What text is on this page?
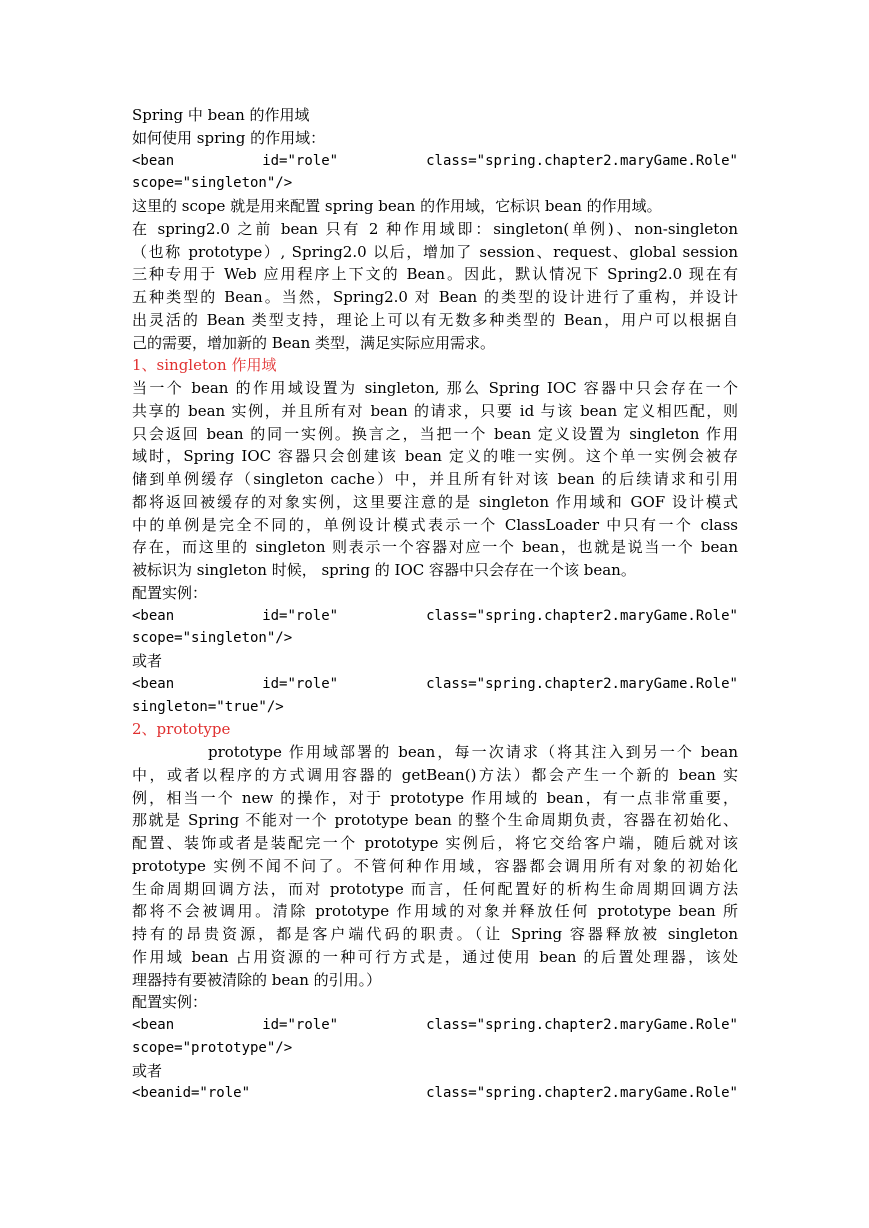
Spring 中 bean 的作用域
如何使用 spring 的作用域：
<bean	id="role"	class="spring.chapter2.maryGame.Role"
scope="singleton"/>
这里的 scope 就是用来配置 spring bean 的作用域，它标识 bean 的作用域。
在 spring2.0 之前 bean 只有 2 种作用域即：singleton(单例)、non-singleton
（也称 prototype）, Spring2.0 以后，增加了 session、request、global session
三种专用于 Web 应用程序上下文的 Bean。因此，默认情况下 Spring2.0 现在有
五种类型的 Bean。当然，Spring2.0 对 Bean 的类型的设计进行了重构，并设计
出灵活的 Bean 类型支持，理论上可以有无数多种类型的 Bean，用户可以根据自
己的需要，增加新的 Bean 类型，满足实际应用需求。
1、singleton 作用域
当一个 bean 的作用域设置为 singleton, 那么 Spring IOC 容器中只会存在一个
共享的 bean 实例，并且所有对 bean 的请求，只要 id 与该 bean 定义相匹配，则
只会返回 bean 的同一实例。换言之，当把一个 bean 定义设置为 singleton 作用
域时，Spring IOC 容器只会创建该 bean 定义的唯一实例。这个单一实例会被存
储到单例缓存（singleton cache）中，并且所有针对该 bean 的后续请求和引用
都将返回被缓存的对象实例，这里要注意的是 singleton 作用域和 GOF 设计模式
中的单例是完全不同的，单例设计模式表示一个 ClassLoader 中只有一个 class
存在，而这里的 singleton 则表示一个容器对应一个 bean，也就是说当一个 bean
被标识为 singleton 时候， spring 的 IOC 容器中只会存在一个该 bean。
配置实例：
<bean	id="role"	class="spring.chapter2.maryGame.Role"
scope="singleton"/>
或者
<bean	id="role"	class="spring.chapter2.maryGame.Role"
singleton="true"/>
2、prototype
prototype 作用域部署的 bean，每一次请求（将其注入到另一个 bean
中，或者以程序的方式调用容器的 getBean()方法）都会产生一个新的 bean 实
例，相当一个 new 的操作，对于 prototype 作用域的 bean，有一点非常重要，
那就是 Spring 不能对一个 prototype bean 的整个生命周期负责，容器在初始化、
配置、装饰或者是装配完一个 prototype 实例后，将它交给客户端，随后就对该
prototype 实例不闻不问了。不管何种作用域，容器都会调用所有对象的初始化
生命周期回调方法，而对 prototype 而言，任何配置好的析构生命周期回调方法
都将不会被调用。清除 prototype 作用域的对象并释放任何 prototype bean 所
持有的昂贵资源，都是客户端代码的职责。（让 Spring 容器释放被 singleton
作用域 bean 占用资源的一种可行方式是，通过使用 bean 的后置处理器，该处
理器持有要被清除的 bean 的引用。）
配置实例：
<bean	id="role"	class="spring.chapter2.maryGame.Role"
scope="prototype"/>
或者
<beanid="role"	class="spring.chapter2.maryGame.Role"
